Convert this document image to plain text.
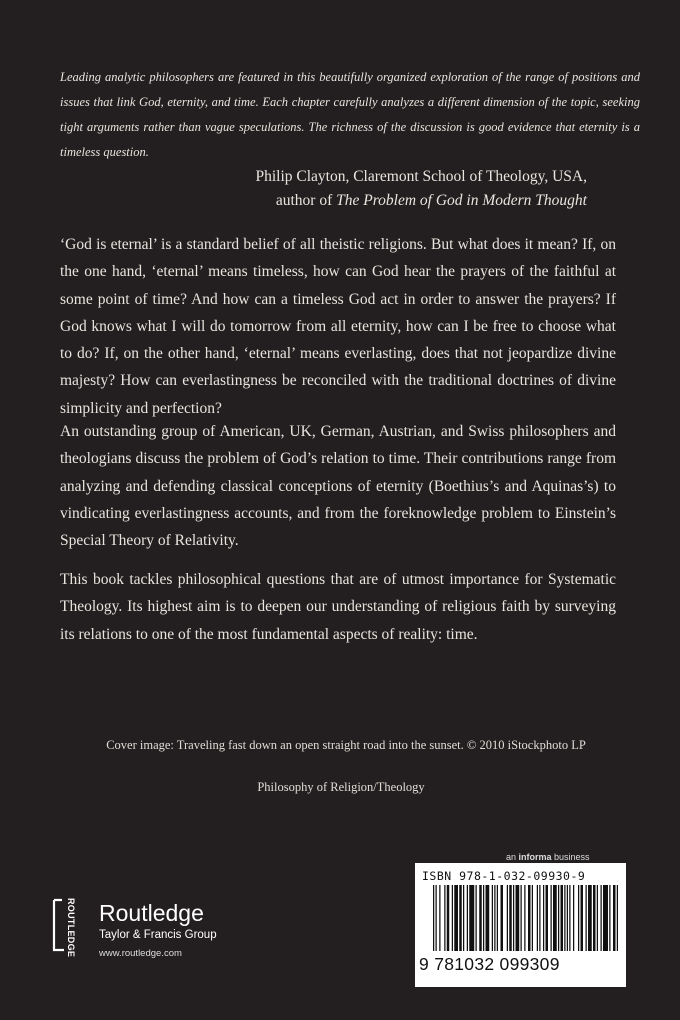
Leading analytic philosophers are featured in this beautifully organized exploration of the range of positions and issues that link God, eternity, and time. Each chapter carefully analyzes a different dimension of the topic, seeking tight arguments rather than vague speculations. The richness of the discussion is good evidence that eternity is a timeless question.
Philip Clayton, Claremont School of Theology, USA,
author of The Problem of God in Modern Thought

‘God is eternal’ is a standard belief of all theistic religions. But what does it mean? If, on the one hand, ‘eternal’ means timeless, how can God hear the prayers of the faithful at some point of time? And how can a timeless God act in order to answer the prayers? If God knows what I will do tomorrow from all eternity, how can I be free to choose what to do? If, on the other hand, ‘eternal’ means everlasting, does that not jeopardize divine majesty? How can everlastingness be reconciled with the traditional doctrines of divine simplicity and perfection?

An outstanding group of American, UK, German, Austrian, and Swiss philosophers and theologians discuss the problem of God’s relation to time. Their contributions range from analyzing and defending classical conceptions of eternity (Boethius’s and Aquinas’s) to vindicating everlastingness accounts, and from the foreknowledge problem to Einstein’s Special Theory of Relativity.

This book tackles philosophical questions that are of utmost importance for Systematic Theology. Its highest aim is to deepen our understanding of religious faith by surveying its relations to one of the most fundamental aspects of reality: time.

Cover image: Traveling fast down an open straight road into the sunset. © 2010 iStockphoto LP
Philosophy of Religion/Theology
an informa business
ISBN 978-1-032-09930-9
9 781032 099309
ROUTLEDGE Routledge
Taylor & Francis Group
www.routledge.com
